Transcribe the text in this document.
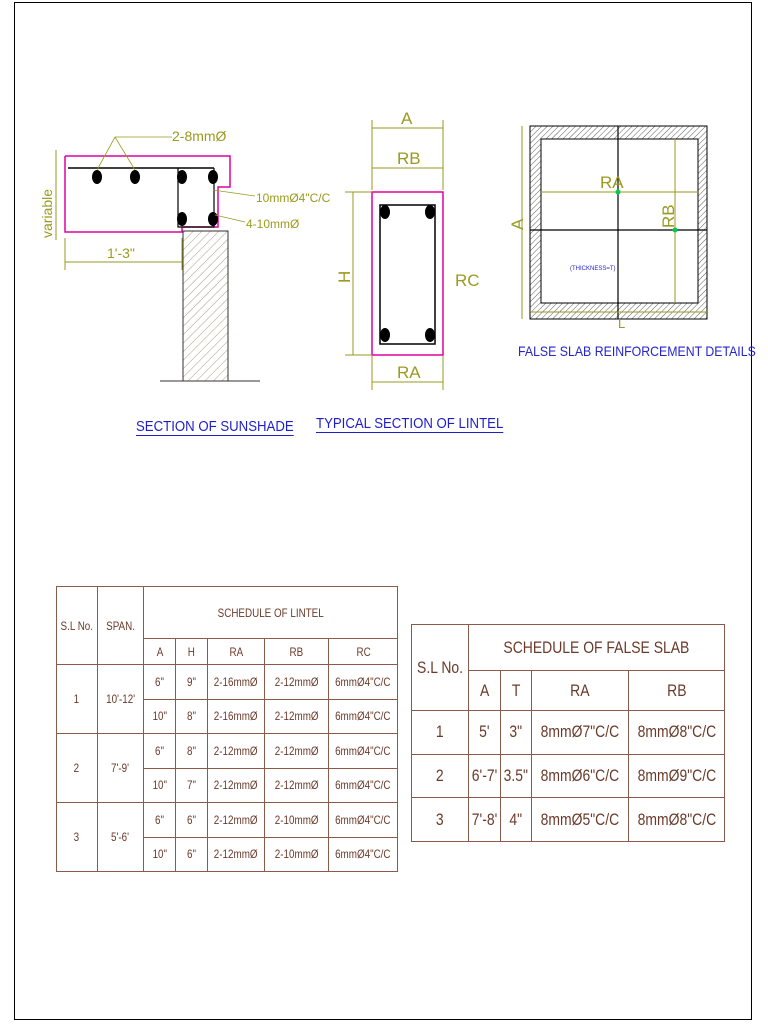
2-8mmØ
variable	10mmØ4"C/C
4-10mmØ
1'-3"
A
RB
H	RC
RA
RA
RB
A
L
(THICKNESS=T)
SECTION OF SUNSHADE TYPICAL SECTION OF LINTEL
FALSE SLAB REINFORCEMENT DETAILS
S.L No.	SPAN.	SCHEDULE OF LINTEL				
		A	H	RA	RB	RC
1	10'-12'	6"	9"	2-16mmØ	2-12mmØ	6mmØ4"C/C
		10"	8"	2-16mmØ	2-12mmØ	6mmØ4"C/C
2	7'-9'	6"	8"	2-12mmØ	2-12mmØ	6mmØ4"C/C
		10"	7"	2-12mmØ	2-12mmØ	6mmØ4"C/C
3	5'-6'	6"	6"	2-12mmØ	2-10mmØ	6mmØ4"C/C
		10"	6"	2-12mmØ	2-10mmØ	6mmØ4"C/C
S.L No.	SCHEDULE OF FALSE SLAB			
	A	T	RA	RB
1	5'	3"	8mmØ7"C/C	8mmØ8"C/C
2	6'-7'	3.5"	8mmØ6"C/C	8mmØ9"C/C
3	7'-8'	4"	8mmØ5"C/C	8mmØ8"C/C
